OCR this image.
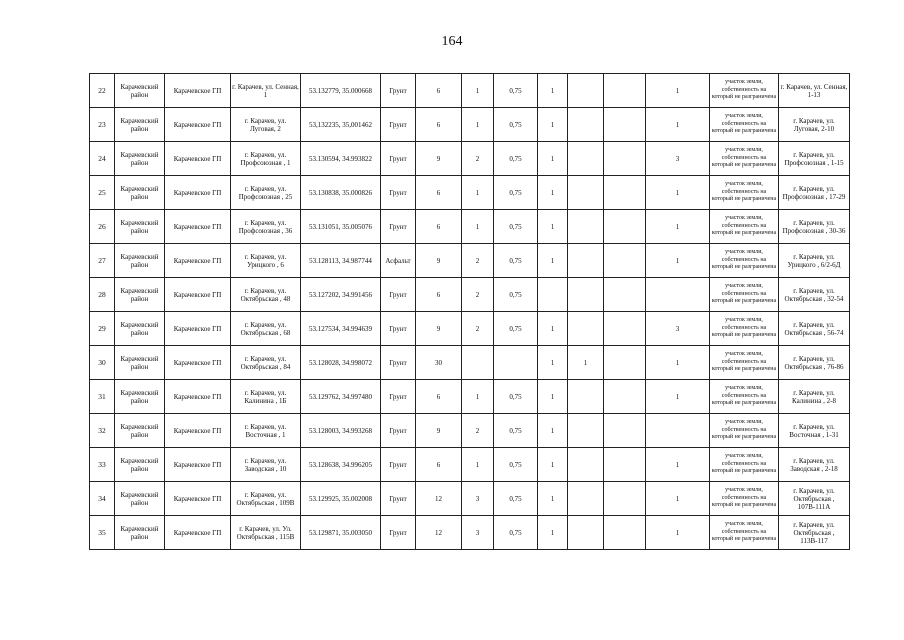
164
22	Карачевский район	Карачевское ГП	г. Карачев, ул. Сенная, 1	53.132779, 35.000668	Грунт	6	1	0,75	1			1	участок земли, собственность на который не разграничена	г. Карачев, ул. Сенная, 1-13
23	Карачевский район	Карачевское ГП	г. Карачев, ул. Луговая, 2	53,132235, 35,001462	Грунт	6	1	0,75	1			1	участок земли, собственность на который не разграничена	г. Карачев, ул. Луговая, 2-10
24	Карачевский район	Карачевское ГП	г. Карачев, ул. Профсоюзная , 1	53.130594, 34.993822	Грунт	9	2	0,75	1			3	участок земли, собственность на который не разграничена	г. Карачев, ул. Профсоюзная , 1-15
25	Карачевский район	Карачевское ГП	г. Карачев, ул. Профсоюзная , 25	53.130838, 35.000826	Грунт	6	1	0,75	1			1	участок земли, собственность на который не разграничена	г. Карачев, ул. Профсоюзная , 17-29
26	Карачевский район	Карачевское ГП	г. Карачев, ул. Профсоюзная , 36	53.131051, 35.005076	Грунт	6	1	0,75	1			1	участок земли, собственность на который не разграничена	г. Карачев, ул. Профсоюзная , 30-36
27	Карачевский район	Карачевское ГП	г. Карачев, ул. Урицкого , 6	53.128113, 34.987744	Асфальт	9	2	0,75	1			1	участок земли, собственность на который не разграничена	г. Карачев, ул. Урицкого , 6/2-6Д
28	Карачевский район	Карачевское ГП	г. Карачев, ул. Октябрьская , 48	53.127202, 34.991456	Грунт	6	2	0,75					участок земли, собственность на который не разграничена	г. Карачев, ул. Октябрьская , 32-54
29	Карачевский район	Карачевское ГП	г. Карачев, ул. Октябрьская , 68	53.127534, 34.994639	Грунт	9	2	0,75	1			3	участок земли, собственность на который не разграничена	г. Карачев, ул. Октябрьская , 56-74
30	Карачевский район	Карачевское ГП	г. Карачев, ул. Октябрьская , 84	53.128028, 34.998072	Грунт	30			1	1		1	участок земли, собственность на который не разграничена	г. Карачев, ул. Октябрьская , 76-86
31	Карачевский район	Карачевское ГП	г. Карачев, ул. Калинина , 1Б	53.129762, 34.997480	Грунт	6	1	0,75	1			1	участок земли, собственность на который не разграничена	г. Карачев, ул. Калинина , 2-8
32	Карачевский район	Карачевское ГП	г. Карачев, ул. Восточная , 1	53.128003, 34.993268	Грунт	9	2	0,75	1				участок земли, собственность на который не разграничена	г. Карачев, ул. Восточная , 1-31
33	Карачевский район	Карачевское ГП	г. Карачев, ул. Заводская , 10	53.128638, 34.996205	Грунт	6	1	0,75	1			1	участок земли, собственность на который не разграничена	г. Карачев, ул. Заводская , 2-18
34	Карачевский район	Карачевское ГП	г. Карачев, ул. Октябрьская , 109В	53.129925, 35.002008	Грунт	12	3	0,75	1			1	участок земли, собственность на который не разграничена	г. Карачев, ул. Октябрьская , 107В-111А
35	Карачевский район	Карачевское ГП	г. Карачев, ул. Ул. Октябрьская , 115В	53.129871, 35.003050	Грунт	12	3	0,75	1			1	участок земли, собственность на который не разграничена	г. Карачев, ул. Октябрьская , 113В-117
